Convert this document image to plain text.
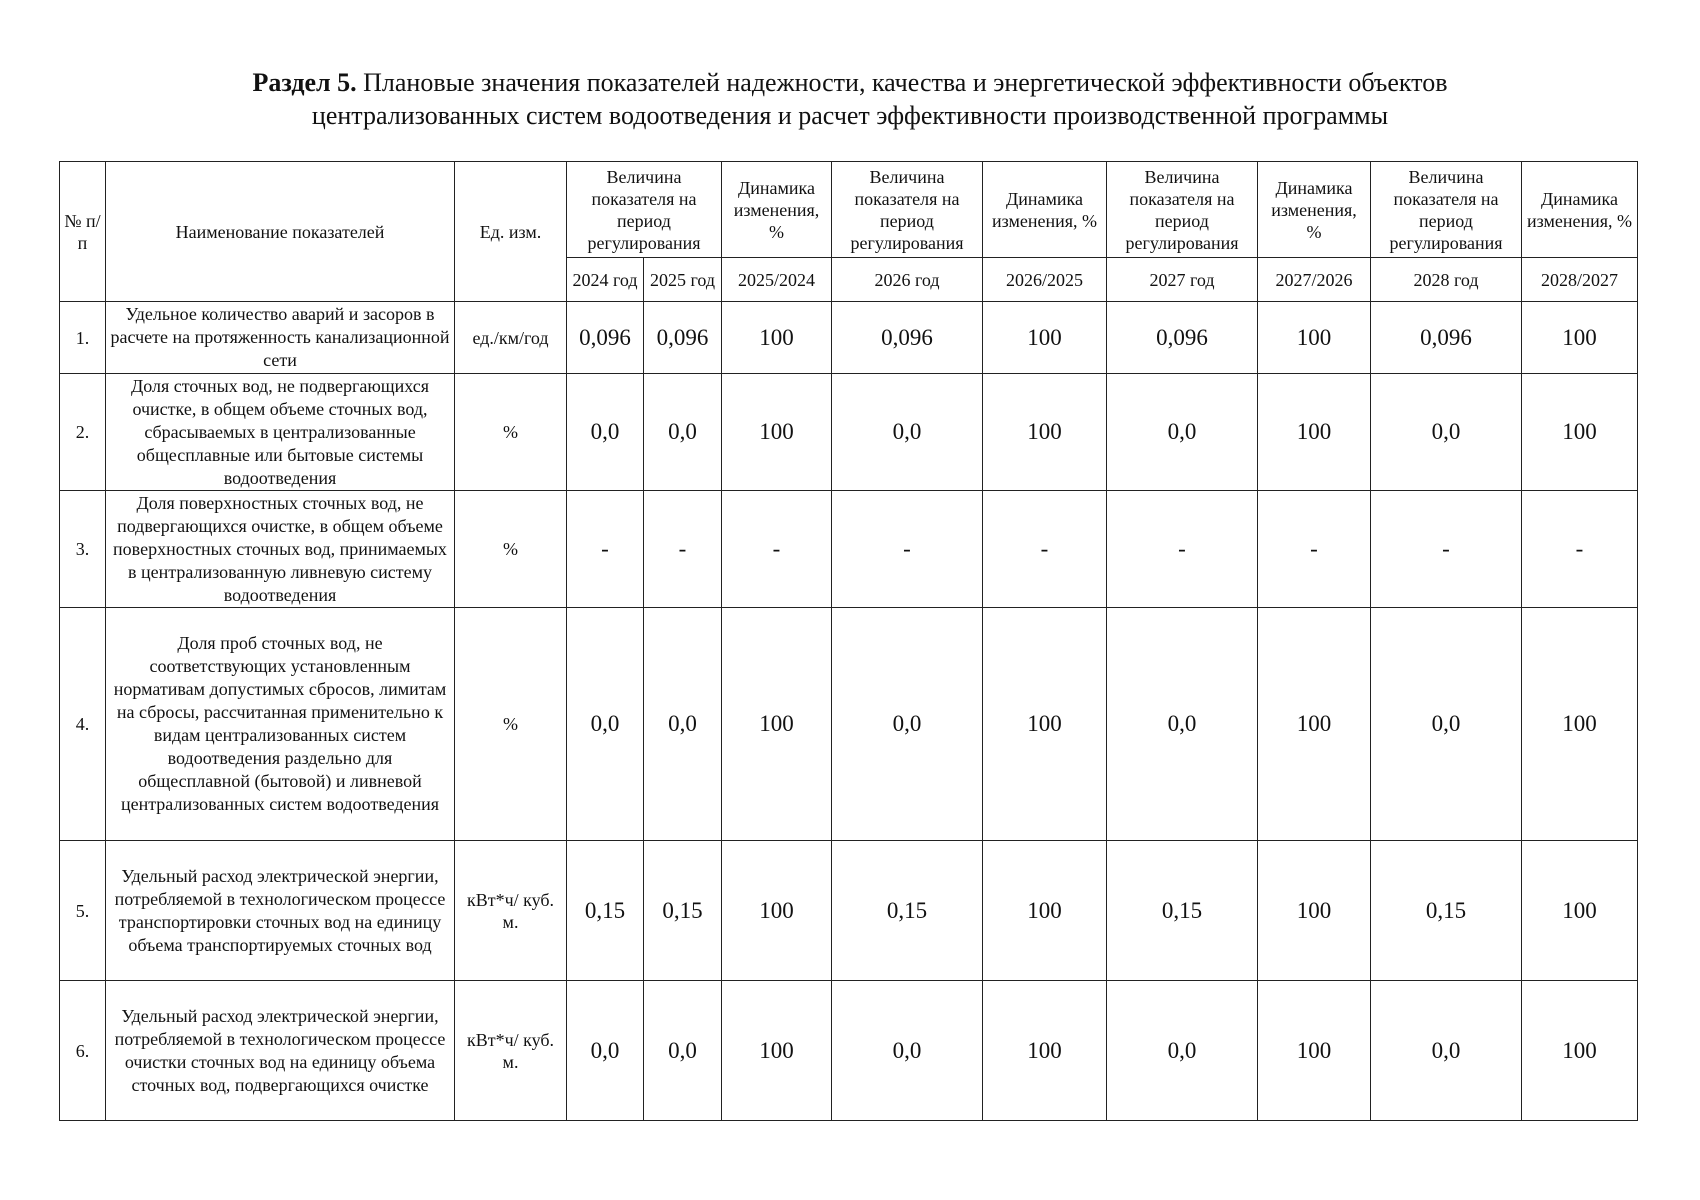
Раздел 5. Плановые значения показателей надежности, качества и энергетической эффективности объектов
централизованных систем водоотведения и расчет эффективности производственной программы
№ п/п	Наименование показателей	Ед. изм.	Величина показателя на период регулирования		Динамика изменения, %	Величина показателя на период регулирования	Динамика изменения, %	Величина показателя на период регулирования	Динамика изменения, %	Величина показателя на период регулирования	Динамика изменения, %
			2024 год	2025 год	2025/2024	2026 год	2026/2025	2027 год	2027/2026	2028 год	2028/2027
1.	Удельное количество аварий и засоров в расчете на протяженность канализационной сети	ед./км/год	0,096	0,096	100	0,096	100	0,096	100	0,096	100
2.	Доля сточных вод, не подвергающихся очистке, в общем объеме сточных вод, сбрасываемых в централизованные общесплавные или бытовые системы водоотведения	%	0,0	0,0	100	0,0	100	0,0	100	0,0	100
3.	Доля поверхностных сточных вод, не подвергающихся очистке, в общем объеме поверхностных сточных вод, принимаемых в централизованную ливневую систему водоотведения	%	-	-	-	-	-	-	-	-	-
4.	Доля проб сточных вод, не соответствующих установленным нормативам допустимых сбросов, лимитам на сбросы, рассчитанная применительно к видам централизованных систем водоотведения раздельно для общесплавной (бытовой) и ливневой централизованных систем водоотведения	%	0,0	0,0	100	0,0	100	0,0	100	0,0	100
5.	Удельный расход электрической энергии, потребляемой в технологическом процессе транспортировки сточных вод на единицу объема транспортируемых сточных вод	кВт*ч/ куб. м.	0,15	0,15	100	0,15	100	0,15	100	0,15	100
6.	Удельный расход электрической энергии, потребляемой в технологическом процессе очистки сточных вод на единицу объема сточных вод, подвергающихся очистке	кВт*ч/ куб. м.	0,0	0,0	100	0,0	100	0,0	100	0,0	100
